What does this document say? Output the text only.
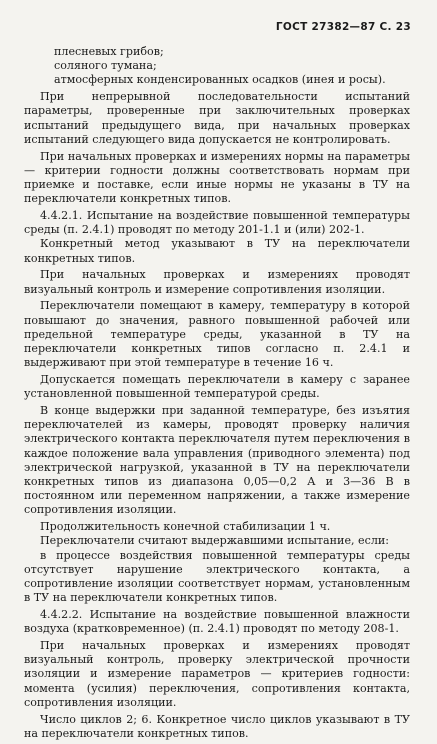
ГОСТ 27382—87 С. 23

плесневых грибов;

соляного тумана;

атмосферных конденсированных осадков (инея и росы).

При непрерывной последовательности испытаний параметры, проверенные при заключительных проверках испытаний предыдущего вида, при начальных проверках испытаний следующего вида допускается не контролировать.

При начальных проверках и измерениях нормы на параметры — критерии годности должны соответствовать нормам при приемке и поставке, если иные нормы не указаны в ТУ на переключатели конкретных типов.

4.4.2.1. Испытание на воздействие повышенной температуры среды (п. 2.4.1) проводят по методу 201-1.1 и (или) 202-1.

Конкретный метод указывают в ТУ на переключатели конкретных типов.

При начальных проверках и измерениях проводят визуальный контроль и измерение сопротивления изоляции.

Переключатели помещают в камеру, температуру в которой повышают до значения, равного повышенной рабочей или предельной температуре среды, указанной в ТУ на переключатели конкретных типов согласно п. 2.4.1 и выдерживают при этой температуре в течение 16 ч.

Допускается помещать переключатели в камеру с заранее установленной повышенной температурой среды.

В конце выдержки при заданной температуре, без изъятия переключателей из камеры, проводят проверку наличия электрического контакта переключателя путем переключения в каждое положение вала управления (приводного элемента) под электрической нагрузкой, указанной в ТУ на переключатели конкретных типов из диапазона 0,05—0,2 А и 3—36 В в постоянном или переменном напряжении, а также измерение сопротивления изоляции.

Продолжительность конечной стабилизации 1 ч.

Переключатели считают выдержавшими испытание, если:

в процессе воздействия повышенной температуры среды отсутствует нарушение электрического контакта, а сопротивление изоляции соответствует нормам, установленным в ТУ на переключатели конкретных типов.

4.4.2.2. Испытание на воздействие повышенной влажности воздуха (кратковременное) (п. 2.4.1) проводят по методу 208-1.

При начальных проверках и измерениях проводят визуальный контроль, проверку электрической прочности изоляции и измерение параметров — критериев годности: момента (усилия) переключения, сопротивления контакта, сопротивления изоляции.

Число циклов 2; 6. Конкретное число циклов указывают в ТУ на переключатели конкретных типов.
